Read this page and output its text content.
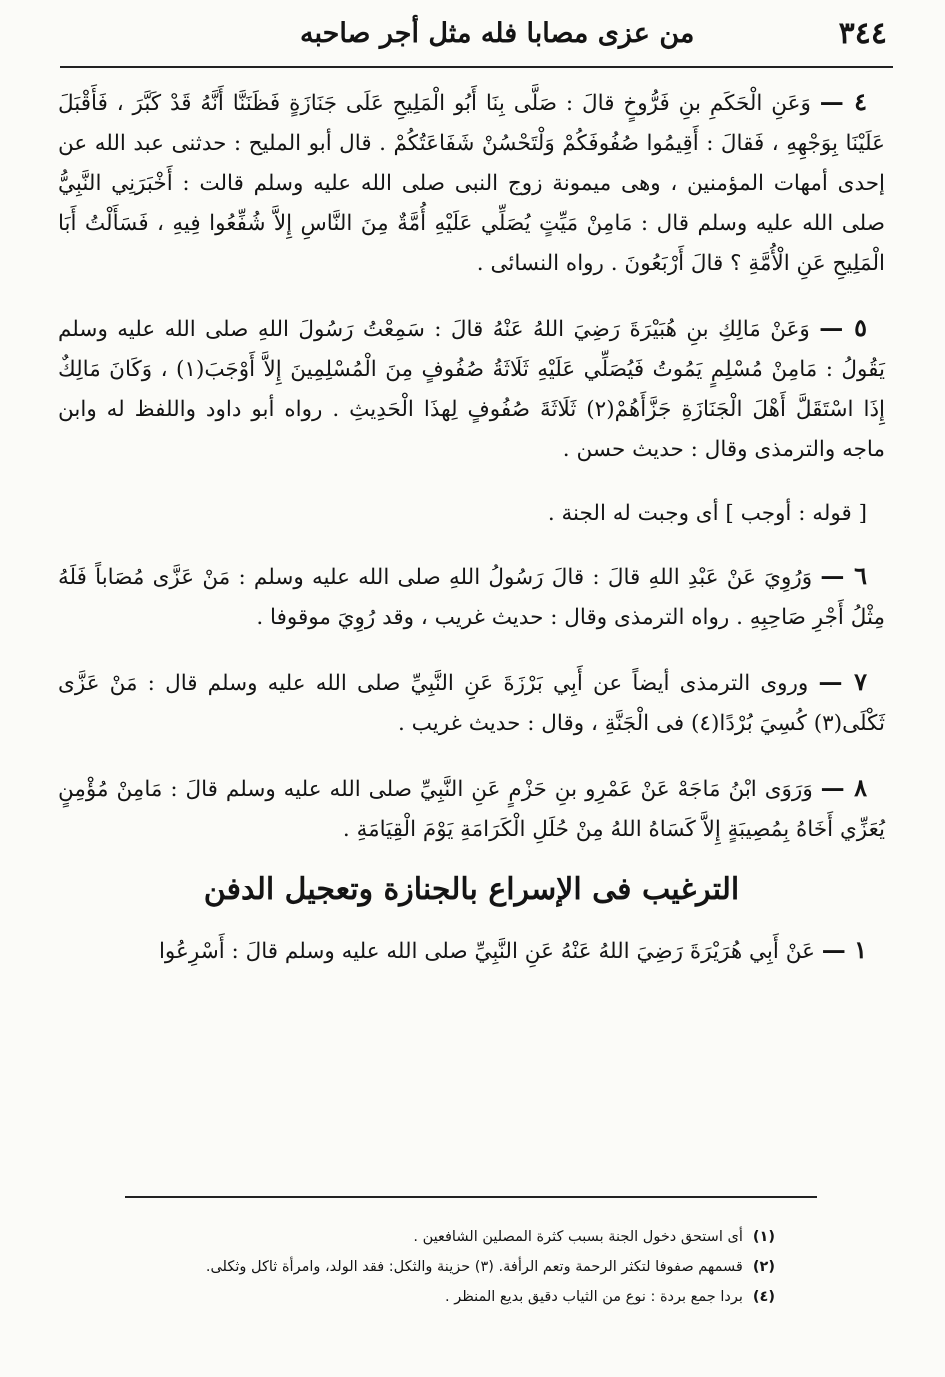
٣٤٤
من عزى مصابا فله مثل أجر صاحبه

٤ — وَعَنِ الْحَكَمِ بنِ فَرُّوخٍ قالَ : صَلَّى بِنَا أَبُو الْمَلِيحِ عَلَى جَنَازَةٍ فَظَنَنَّا أَنَّهُ قَدْ كَبَّرَ ، فَأَقْبَلَ عَلَيْنَا بِوَجْهِهِ ، فَقالَ : أَقِيمُوا صُفُوفَكُمْ وَلْتَحْسُنْ شَفَاعَتُكُمْ . قال أبو المليح : حدثنى عبد الله عن إحدى أمهات المؤمنين ، وهى ميمونة زوج النبى صلى الله عليه وسلم قالت : أَخْبَرَنِي النَّبِيُّ صلى الله عليه وسلم قال : مَامِنْ مَيِّتٍ يُصَلِّي عَلَيْهِ أُمَّةٌ مِنَ النَّاسِ إِلاَّ شُفِّعُوا فِيهِ ، فَسَأَلْتُ أَبَا الْمَلِيحِ عَنِ الْأُمَّةِ ؟ قالَ أَرْبَعُونَ . رواه النسائى .

٥ — وَعَنْ مَالِكِ بنِ هُبَيْرَةَ رَضِيَ اللهُ عَنْهُ قالَ : سَمِعْتُ رَسُولَ اللهِ صلى الله عليه وسلم يَقُولُ : مَامِنْ مُسْلِمٍ يَمُوتُ فَيُصَلِّي عَلَيْهِ ثَلَاثَةُ صُفُوفٍ مِنَ الْمُسْلِمِينَ إِلاَّ أَوْجَبَ(١) ، وَكَانَ مَالِكٌ إِذَا اسْتَقَلَّ أَهْلَ الْجَنَازَةِ جَزَّأَهُمْ(٢) ثَلَاثَةَ صُفُوفٍ لِهذَا الْحَدِيثِ . رواه أبو داود واللفظ له وابن ماجه والترمذى وقال : حديث حسن .

[ قوله : أوجب ] أى وجبت له الجنة .

٦ — وَرُوِيَ عَنْ عَبْدِ اللهِ قالَ : قالَ رَسُولُ اللهِ صلى الله عليه وسلم : مَنْ عَزَّى مُصَاباً فَلَهُ مِثْلُ أَجْرِ صَاحِبِهِ . رواه الترمذى وقال : حديث غريب ، وقد رُوِيَ موقوفا .

٧ — وروى الترمذى أيضاً عن أَبِي بَرْزَةَ عَنِ النَّبِيِّ صلى الله عليه وسلم قال : مَنْ عَزَّى ثَكْلَى(٣) كُسِيَ بُرْدًا(٤) فى الْجَنَّةِ ، وقال : حديث غريب .

٨ — وَرَوَى ابْنُ مَاجَهْ عَنْ عَمْرِو بنِ حَزْمٍ عَنِ النَّبِيِّ صلى الله عليه وسلم قالَ : مَامِنْ مُؤْمِنٍ يُعَزِّي أَخَاهُ بِمُصِيبَةٍ إِلاَّ كَسَاهُ اللهُ مِنْ حُلَلِ الْكَرَامَةِ يَوْمَ الْقِيَامَةِ .

الترغيب فى الإسراع بالجنازة وتعجيل الدفن

١ — عَنْ أَبِي هُرَيْرَةَ رَضِيَ اللهُ عَنْهُ عَنِ النَّبِيِّ صلى الله عليه وسلم قالَ : أَسْرِعُوا

(١)أى استحق دخول الجنة بسبب كثرة المصلين الشافعين .
(٢)قسمهم صفوفا لتكثر الرحمة وتعم الرأفة. (٣) حزينة والثكل: فقد الولد، وامرأة ثاكل وثكلى.
(٤)بردا جمع بردة : نوع من الثياب دقيق بديع المنظر .
